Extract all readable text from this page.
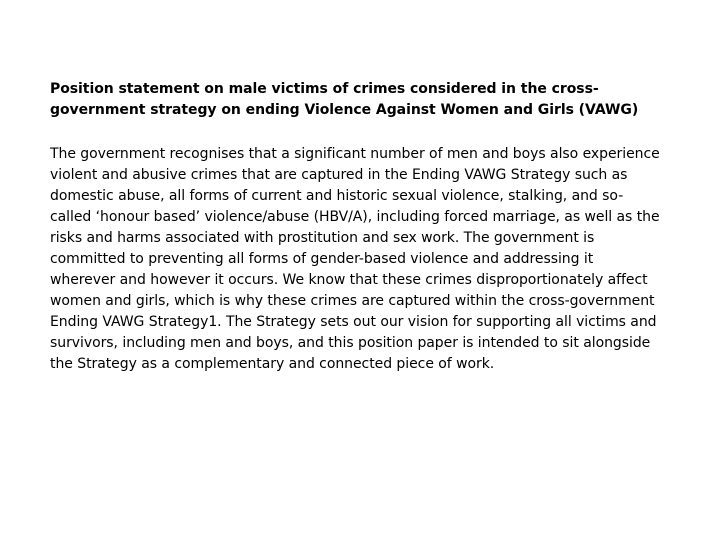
Position statement on male victims of crimes considered in the cross-government strategy on ending Violence Against Women and Girls (VAWG)

The government recognises that a significant number of men and boys also experience violent and abusive crimes that are captured in the Ending VAWG Strategy such as domestic abuse, all forms of current and historic sexual violence, stalking, and so-called ‘honour based’ violence/abuse (HBV/A), including forced marriage, as well as the risks and harms associated with prostitution and sex work. The government is committed to preventing all forms of gender-based violence and addressing it wherever and however it occurs. We know that these crimes disproportionately affect women and girls, which is why these crimes are captured within the cross-government Ending VAWG Strategy1. The Strategy sets out our vision for supporting all victims and survivors, including men and boys, and this position paper is intended to sit alongside the Strategy as a complementary and connected piece of work.
